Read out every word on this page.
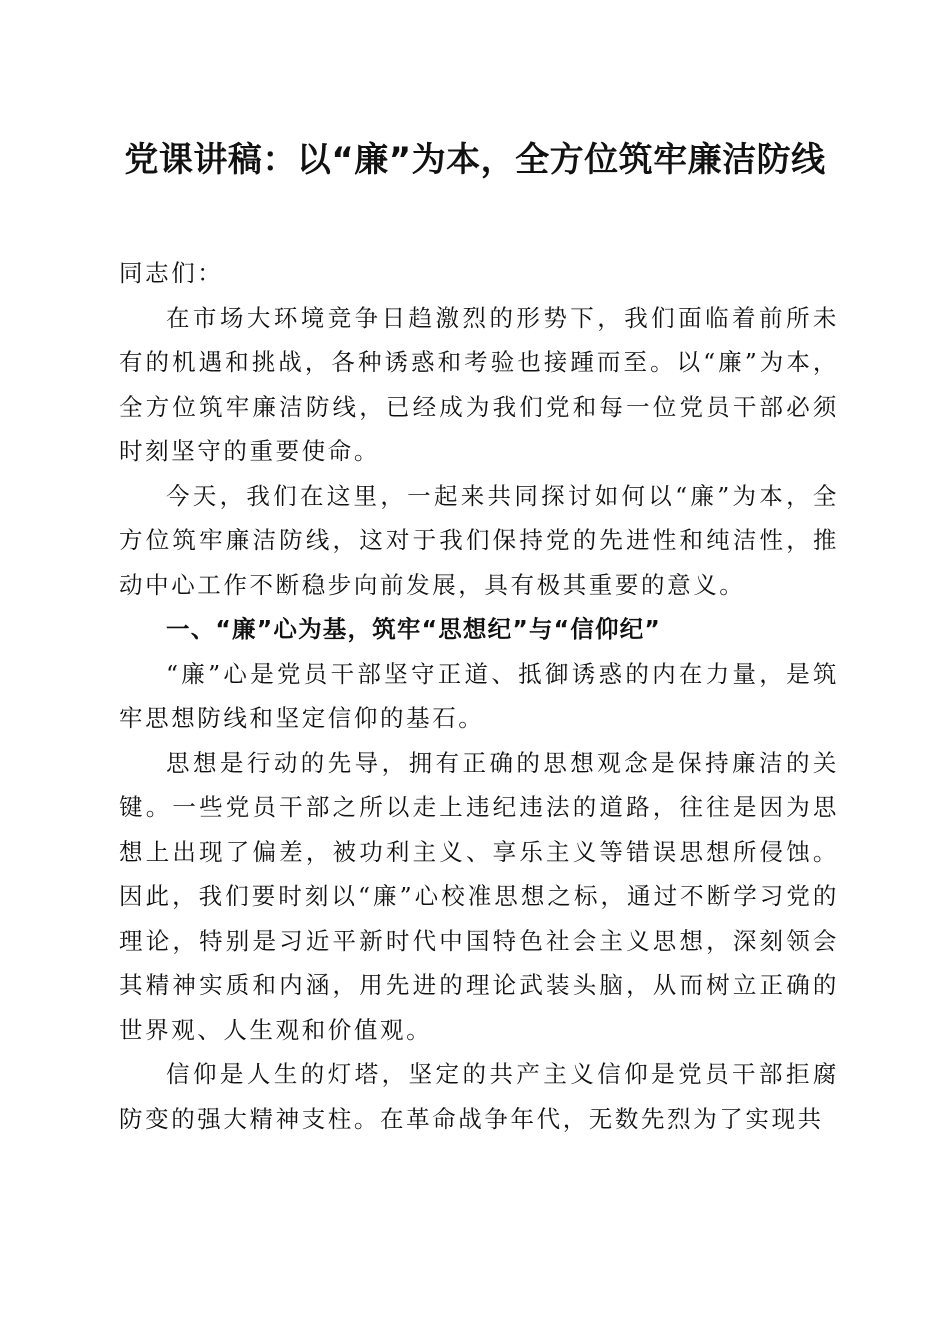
党课讲稿：以“廉”为本，全方位筑牢廉洁防线

同志们：

在市场大环境竞争日趋激烈的形势下，我们面临着前所未有的机遇和挑战，各种诱惑和考验也接踵而至。以“廉”为本，全方位筑牢廉洁防线，已经成为我们党和每一位党员干部必须时刻坚守的重要使命。

今天，我们在这里，一起来共同探讨如何以“廉”为本，全方位筑牢廉洁防线，这对于我们保持党的先进性和纯洁性，推动中心工作不断稳步向前发展，具有极其重要的意义。

一、“廉”心为基，筑牢“思想纪”与“信仰纪”

“廉”心是党员干部坚守正道、抵御诱惑的内在力量，是筑牢思想防线和坚定信仰的基石。

思想是行动的先导，拥有正确的思想观念是保持廉洁的关键。一些党员干部之所以走上违纪违法的道路，往往是因为思想上出现了偏差，被功利主义、享乐主义等错误思想所侵蚀。因此，我们要时刻以“廉”心校准思想之标，通过不断学习党的理论，特别是习近平新时代中国特色社会主义思想，深刻领会其精神实质和内涵，用先进的理论武装头脑，从而树立正确的世界观、人生观和价值观。

信仰是人生的灯塔，坚定的共产主义信仰是党员干部拒腐防变的强大精神支柱。在革命战争年代，无数先烈为了实现共
